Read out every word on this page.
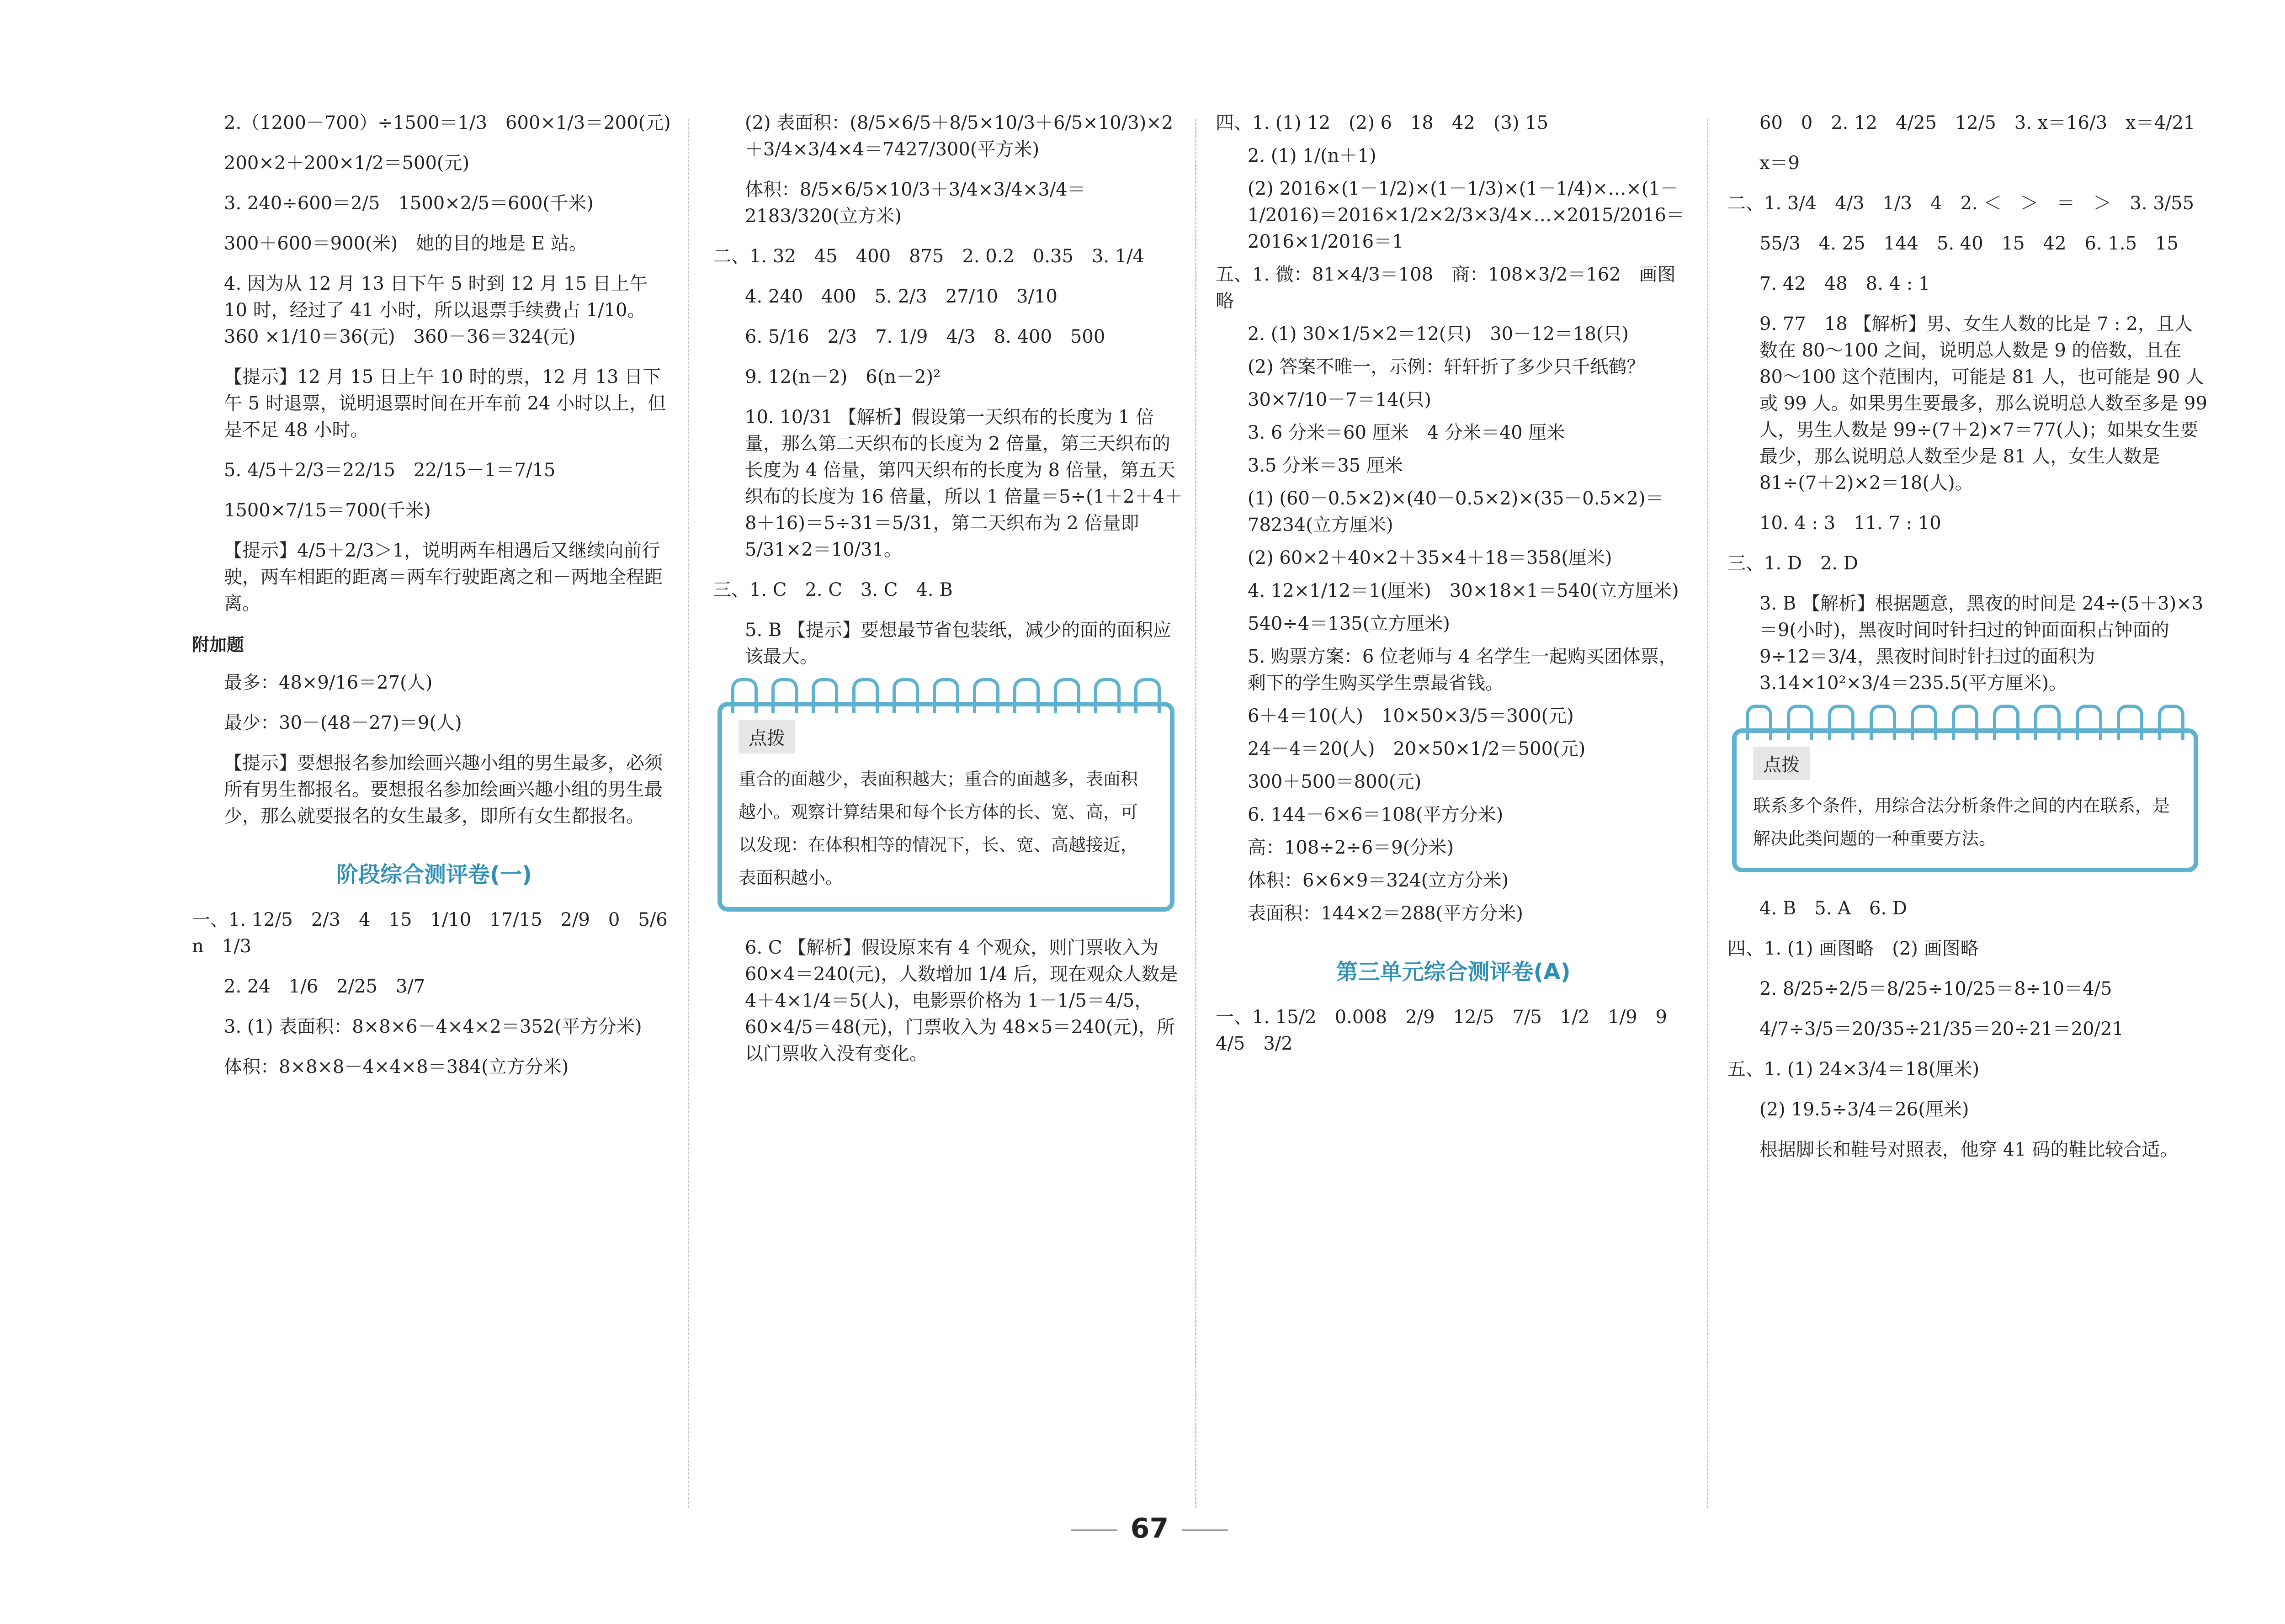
2.（1200－700）÷1500＝1/3　600×1/3＝200(元)
200×2＋200×1/2＝500(元)
3. 240÷600＝2/5　1500×2/5＝600(千米)
300＋600＝900(米)　她的目的地是 E 站。
4. 因为从 12 月 13 日下午 5 时到 12 月 15 日上午 10 时，经过了 41 小时，所以退票手续费占 1/10。360 ×1/10＝36(元)　360－36＝324(元)
【提示】12 月 15 日上午 10 时的票，12 月 13 日下午 5 时退票，说明退票时间在开车前 24 小时以上，但是不足 48 小时。
5. 4/5＋2/3＝22/15　22/15－1＝7/15
1500×7/15＝700(千米)
【提示】4/5＋2/3＞1，说明两车相遇后又继续向前行驶，两车相距的距离＝两车行驶距离之和－两地全程距离。
附加题
最多：48×9/16＝27(人)
最少：30－(48－27)＝9(人)
【提示】要想报名参加绘画兴趣小组的男生最多，必须所有男生都报名。要想报名参加绘画兴趣小组的男生最少，那么就要报名的女生最多，即所有女生都报名。
阶段综合测评卷(一)
一、1. 12/5　2/3　4　15　1/10　17/15　2/9　0　5/6 n　1/3
2. 24　1/6　2/25　3/7
3. (1) 表面积：8×8×6－4×4×2＝352(平方分米)
体积：8×8×8－4×4×8＝384(立方分米)
(2) 表面积：(8/5×6/5＋8/5×10/3＋6/5×10/3)×2＋3/4×3/4×4＝7427/300(平方米)
体积：8/5×6/5×10/3＋3/4×3/4×3/4＝2183/320(立方米)
二、1. 32　45　400　875　2. 0.2　0.35　3. 1/4
4. 240　400　5. 2/3　27/10　3/10
6. 5/16　2/3　7. 1/9　4/3　8. 400　500
9. 12(n－2)　6(n－2)²
10. 10/31 【解析】假设第一天织布的长度为 1 倍量，那么第二天织布的长度为 2 倍量，第三天织布的长度为 4 倍量，第四天织布的长度为 8 倍量，第五天织布的长度为 16 倍量，所以 1 倍量＝5÷(1＋2＋4＋8＋16)＝5÷31＝5/31，第二天织布为 2 倍量即 5/31×2＝10/31。
三、1. C　2. C　3. C　4. B
5. B 【提示】要想最节省包装纸，减少的面的面积应该最大。
点拨
重合的面越少，表面积越大；重合的面越多，表面积越小。观察计算结果和每个长方体的长、宽、高，可以发现：在体积相等的情况下，长、宽、高越接近，表面积越小。
6. C 【解析】假设原来有 4 个观众，则门票收入为 60×4＝240(元)，人数增加 1/4 后，现在观众人数是 4＋4×1/4＝5(人)，电影票价格为 1－1/5＝4/5，60×4/5＝48(元)，门票收入为 48×5＝240(元)，所以门票收入没有变化。
四、1. (1) 12　(2) 6　18　42　(3) 15
2. (1) 1/(n＋1)
(2) 2016×(1－1/2)×(1－1/3)×(1－1/4)×…×(1－1/2016)＝2016×1/2×2/3×3/4×…×2015/2016＝2016×1/2016＝1
五、1. 微：81×4/3＝108　商：108×3/2＝162　画图略
2. (1) 30×1/5×2＝12(只)　30－12＝18(只)
(2) 答案不唯一，示例：轩轩折了多少只千纸鹤？
30×7/10－7＝14(只)
3. 6 分米＝60 厘米　4 分米＝40 厘米
3.5 分米＝35 厘米
(1) (60－0.5×2)×(40－0.5×2)×(35－0.5×2)＝78234(立方厘米)
(2) 60×2＋40×2＋35×4＋18＝358(厘米)
4. 12×1/12＝1(厘米)　30×18×1＝540(立方厘米)
540÷4＝135(立方厘米)
5. 购票方案：6 位老师与 4 名学生一起购买团体票，剩下的学生购买学生票最省钱。
6＋4＝10(人)　10×50×3/5＝300(元)
24－4＝20(人)　20×50×1/2＝500(元)
300＋500＝800(元)
6. 144－6×6＝108(平方分米)
高：108÷2÷6＝9(分米)
体积：6×6×9＝324(立方分米)
表面积：144×2＝288(平方分米)
第三单元综合测评卷(A)
一、1. 15/2　0.008　2/9　12/5　7/5　1/2　1/9　9　4/5　3/2
60　0　2. 12　4/25　12/5　3. x＝16/3　x＝4/21
x＝9
二、1. 3/4　4/3　1/3　4　2. ＜　＞　＝　＞　3. 3/55
55/3　4. 25　144　5. 40　15　42　6. 1.5　15
7. 42　48　8. 4 : 1
9. 77　18 【解析】男、女生人数的比是 7 : 2，且人数在 80～100 之间，说明总人数是 9 的倍数，且在 80～100 这个范围内，可能是 81 人，也可能是 90 人或 99 人。如果男生要最多，那么说明总人数至多是 99 人，男生人数是 99÷(7＋2)×7＝77(人)；如果女生要最少，那么说明总人数至少是 81 人，女生人数是 81÷(7＋2)×2＝18(人)。
10. 4 : 3　11. 7 : 10
三、1. D　2. D
3. B 【解析】根据题意，黑夜的时间是 24÷(5＋3)×3＝9(小时)，黑夜时间时针扫过的钟面面积占钟面的 9÷12＝3/4，黑夜时间时针扫过的面积为 3.14×10²×3/4＝235.5(平方厘米)。
点拨
联系多个条件，用综合法分析条件之间的内在联系，是解决此类问题的一种重要方法。
4. B　5. A　6. D
四、1. (1) 画图略　(2) 画图略
2. 8/25÷2/5＝8/25÷10/25＝8÷10＝4/5
4/7÷3/5＝20/35÷21/35＝20÷21＝20/21
五、1. (1) 24×3/4＝18(厘米)
(2) 19.5÷3/4＝26(厘米)
根据脚长和鞋号对照表，他穿 41 码的鞋比较合适。
67
